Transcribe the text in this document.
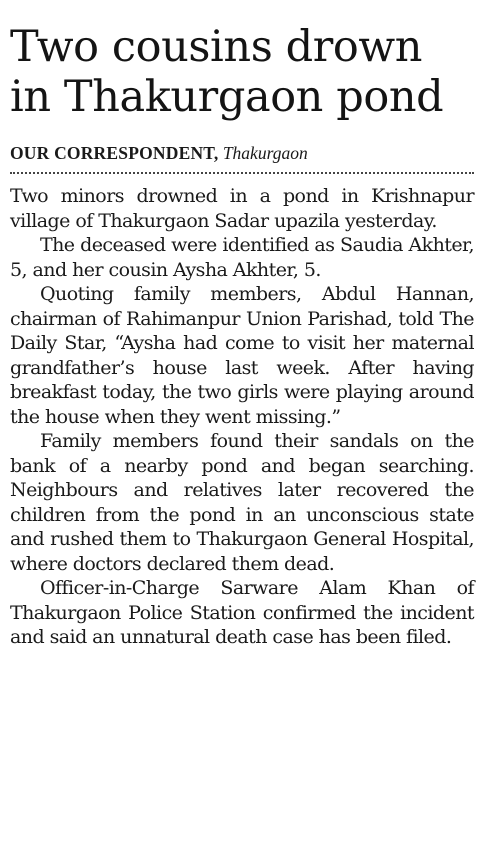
Two cousins drown
in Thakurgaon pond
OUR CORRESPONDENT, Thakurgaon

Two minors drowned in a pond in Krishnapur village of Thakurgaon Sadar upazila yesterday.

The deceased were identified as Saudia Akhter, 5, and her cousin Aysha Akhter, 5.

Quoting family members, Abdul Hannan, chairman of Rahimanpur Union Parishad, told The Daily Star, “Aysha had come to visit her maternal grandfather’s house last week. After having breakfast today, the two girls were playing around the house when they went missing.”

Family members found their sandals on the bank of a nearby pond and began searching. Neighbours and relatives later recovered the children from the pond in an unconscious state and rushed them to Thakurgaon General Hospital, where doctors declared them dead.

Officer-in-Charge Sarware Alam Khan of Thakurgaon Police Station confirmed the incident and said an unnatural death case has been filed.
